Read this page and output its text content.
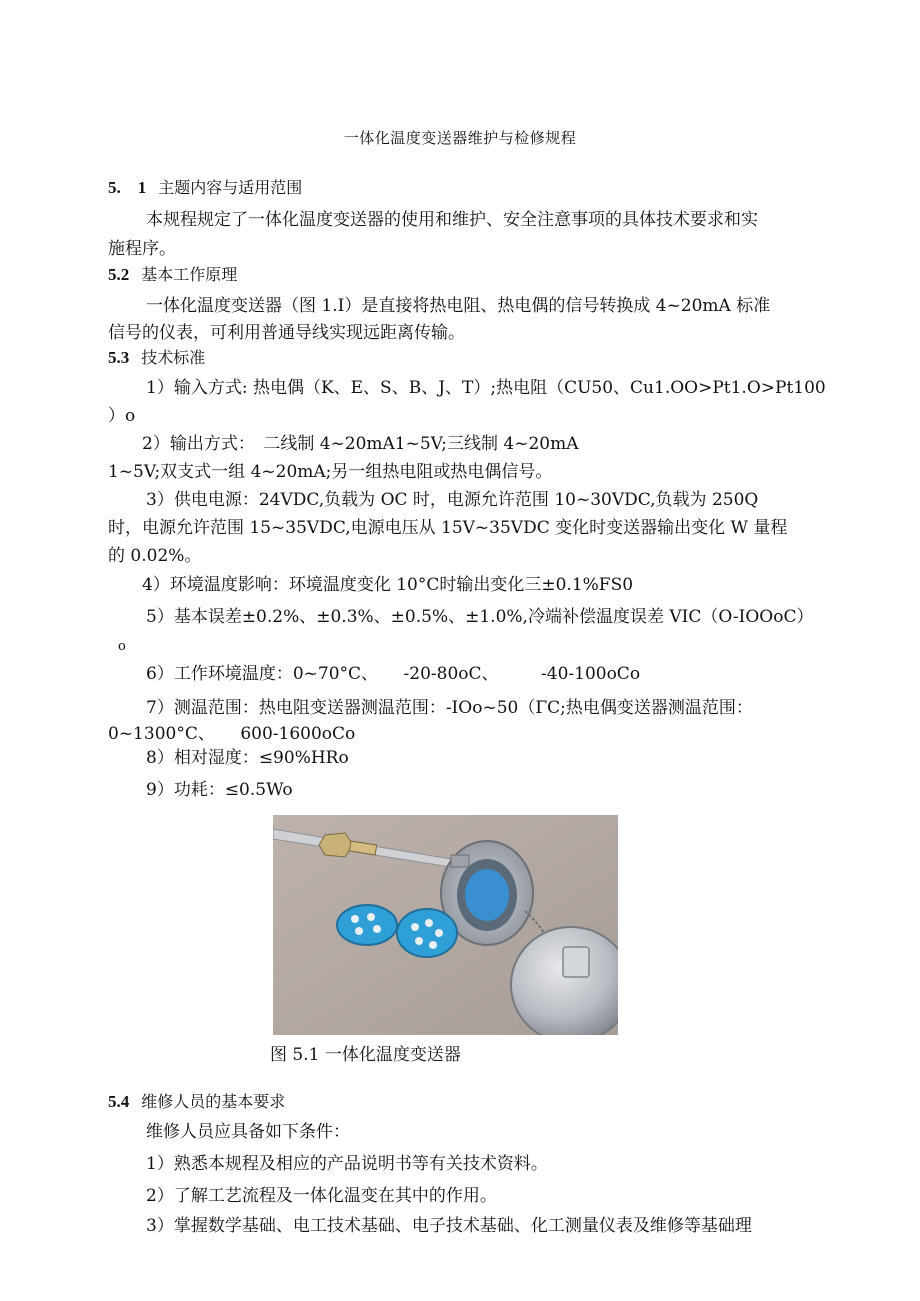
一体化温度变送器维护与检修规程
5.　1 主题内容与适用范围
本规程规定了一体化温度变送器的使用和维护、安全注意事项的具体技术要求和实
施程序。
5.2 基本工作原理
一体化温度变送器（图 1.I）是直接将热电阻、热电偶的信号转换成 4~20mA 标准
信号的仪表，可利用普通导线实现远距离传输。
5.3 技术标准
1）输入方式: 热电偶（K、E、S、B、J、T）;热电阻（CU50、Cu1.OO>Pt1.O>Pt100
）o
2）输出方式：　二线制 4~20mA1~5V;三线制 4~20mA
1~5V;双支式一组 4~20mA;另一组热电阻或热电偶信号。
3）供电电源：24VDC,负载为 OC 时，电源允许范围 10~30VDC,负载为 250Q
时，电源允许范围 15~35VDC,电源电压从 15V~35VDC 变化时变送器输出变化 W 量程
的 0.02%。
4）环境温度影响：环境温度变化 10°C时输出变化三±0.1%FS0
5）基本误差±0.2%、±0.3%、±0.5%、±1.0%,冷端补偿温度误差 VIC（O-IOOoC）
o
6）工作环境温度：0~70°C、　　-20-80oC、　　　-40-100oCo
7）测温范围：热电阻变送器测温范围：-IOo~50（ΓC;热电偶变送器测温范围：
0~1300°C、　　600-1600oCo
8）相对湿度：≤90%HRo
9）功耗：≤0.5Wo
图 5.1 一体化温度变送器
5.4 维修人员的基本要求
维修人员应具备如下条件：
1）熟悉本规程及相应的产品说明书等有关技术资料。
2）了解工艺流程及一体化温变在其中的作用。
3）掌握数学基础、电工技术基础、电子技术基础、化工测量仪表及维修等基础理
